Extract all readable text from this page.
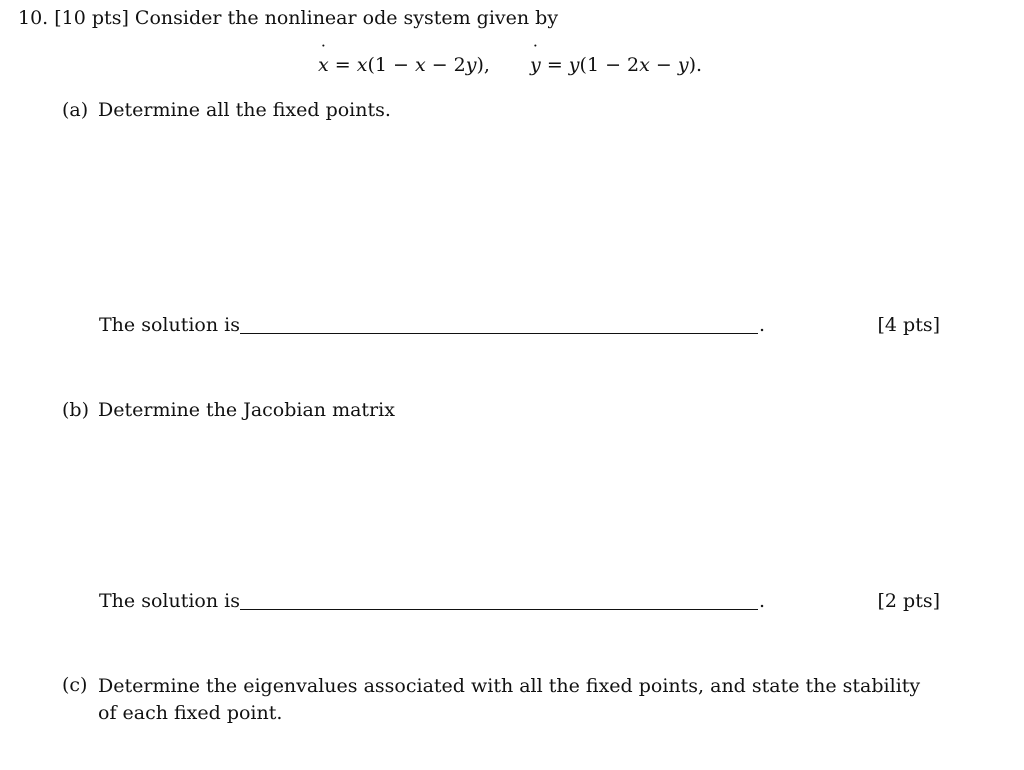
10. [10 pts] Consider the nonlinear ode system given by
x ˙ = x(1 − x − 2y), y ˙ = y(1 − 2x − y).
(a) Determine all the fixed points.
The solution is	.	[4 pts]
(b) Determine the Jacobian matrix
The solution is	.	[2 pts]
(c) Determine the eigenvalues associated with all the fixed points, and state the stability of each fixed point.
